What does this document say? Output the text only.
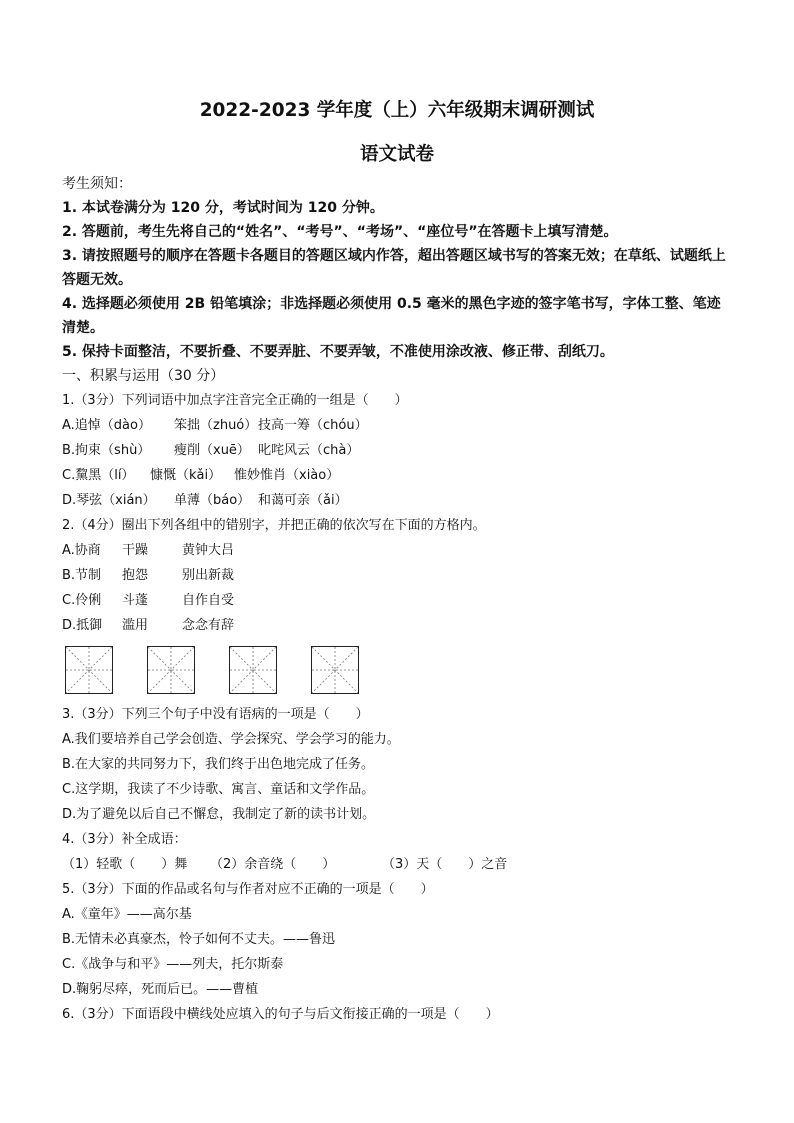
2022-2023 学年度（上）六年级期末调研测试
语文试卷

考生须知：

1. 本试卷满分为 120 分，考试时间为 120 分钟。

2. 答题前，考生先将自己的“姓名”、“考号”、“考场”、“座位号”在答题卡上填写清楚。

3. 请按照题号的顺序在答题卡各题目的答题区域内作答，超出答题区域书写的答案无效；在草纸、试题纸上答题无效。

4. 选择题必须使用 2B 铅笔填涂；非选择题必须使用 0.5 毫米的黑色字迹的签字笔书写，字体工整、笔迹清楚。

5. 保持卡面整洁，不要折叠、不要弄脏、不要弄皱，不准使用涂改液、修正带、刮纸刀。

一、积累与运用（30 分）

1.（3分）下列词语中加点字注音完全正确的一组是（　　）

A.追悼（dào） 笨拙（zhuó）技高一筹（chóu）

B.拘束（shù） 瘦削（xuē） 叱咤风云（chà）

C.黧黑（lí） 慷慨（kǎi） 惟妙惟肖（xiào）

D.琴弦（xián） 单薄（báo） 和蔼可亲（ǎi）

2.（4分）圈出下列各组中的错别字，并把正确的依次写在下面的方格内。

A.协商 干躁	黄钟大吕

B.节制 抱怨	别出新裁

C.伶俐 斗蓬	自作自受

D.抵御 滥用	念念有辞

3.（3分）下列三个句子中没有语病的一项是（　　）

A.我们要培养自己学会创造、学会探究、学会学习的能力。

B.在大家的共同努力下，我们终于出色地完成了任务。

C.这学期，我读了不少诗歌、寓言、童话和文学作品。

D.为了避免以后自己不懈怠，我制定了新的读书计划。

4.（3分）补全成语：

（1）轻歌（　　）舞 （2）余音绕（　　）	（3）天（　　）之音

5.（3分）下面的作品或名句与作者对应不正确的一项是（　　）

A.《童年》——高尔基

B.无情未必真豪杰，怜子如何不丈夫。——鲁迅

C.《战争与和平》——列夫，托尔斯泰

D.鞠躬尽瘁，死而后已。——曹植

6.（3分）下面语段中横线处应填入的句子与后文衔接正确的一项是（　　）
